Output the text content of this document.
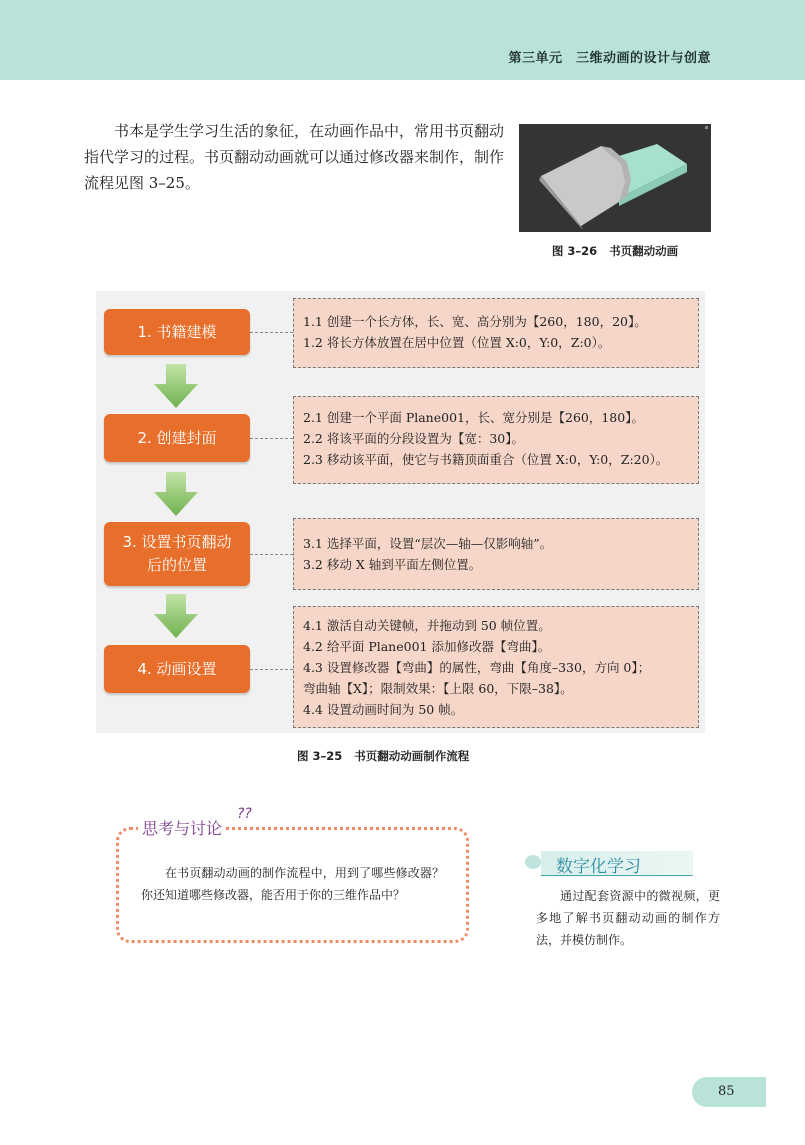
第三单元　三维动画的设计与创意

书本是学生学习生活的象征，在动画作品中，常用书页翻动指代学习的过程。书页翻动动画就可以通过修改器来制作，制作流程见图 3–25。

图 3–26 书页翻动动画
1. 书籍建模
1.1 创建一个长方体，长、宽、高分别为【260，180，20】。
1.2 将长方体放置在居中位置（位置 X:0，Y:0，Z:0）。
2. 创建封面
2.1 创建一个平面 Plane001，长、宽分别是【260，180】。
2.2 将该平面的分段设置为【宽：30】。
2.3 移动该平面，使它与书籍顶面重合（位置 X:0，Y:0，Z:20）。
3. 设置书页翻动
后的位置
3.1 选择平面，设置“层次—轴—仅影响轴”。
3.2 移动 X 轴到平面左侧位置。
4. 动画设置
4.1 激活自动关键帧，并拖动到 50 帧位置。
4.2 给平面 Plane001 添加修改器【弯曲】。
4.3 设置修改器【弯曲】的属性，弯曲【角度–330，方向 0】；
弯曲轴【X】；限制效果：【上限 60，下限–38】。
4.4 设置动画时间为 50 帧。
图 3–25 书页翻动动画制作流程
思考与讨论
??

在书页翻动动画的制作流程中，用到了哪些修改器？你还知道哪些修改器，能否用于你的三维作品中？

数字化学习

通过配套资源中的微视频，更多地了解书页翻动动画的制作方法，并模仿制作。

85
